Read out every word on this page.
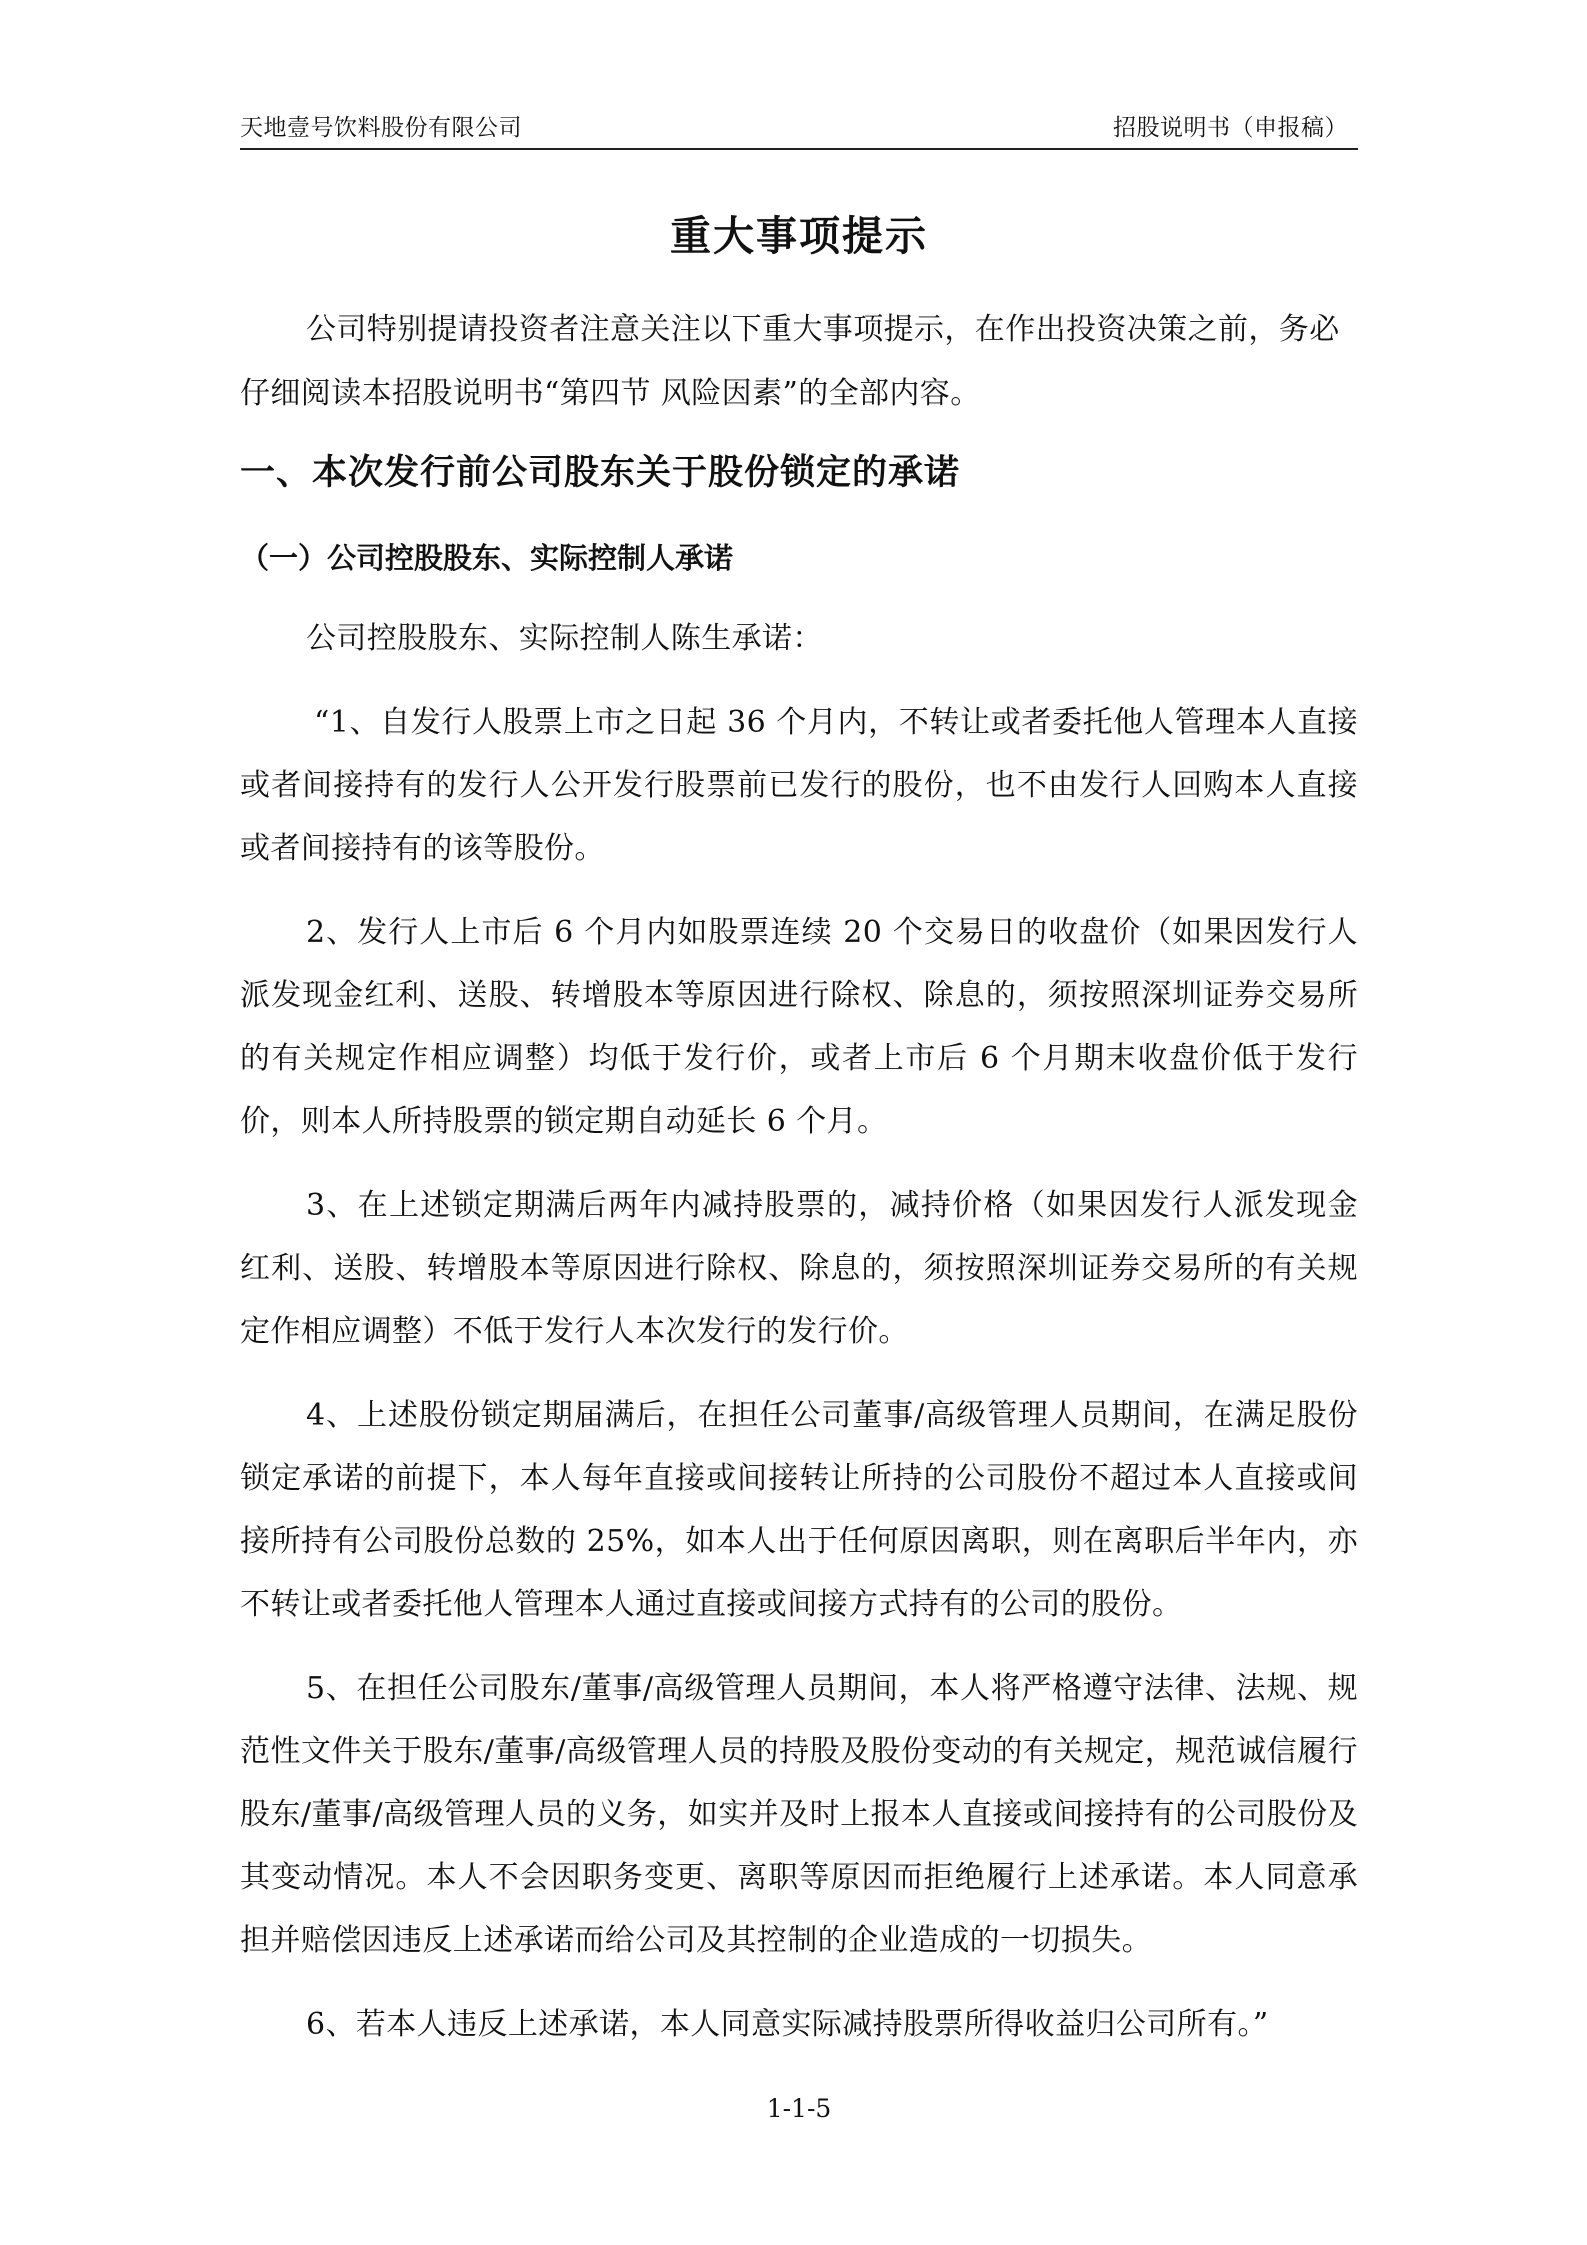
天地壹号饮料股份有限公司	招股说明书（申报稿）
重大事项提示

公司特别提请投资者注意关注以下重大事项提示，在作出投资决策之前，务必仔细阅读本招股说明书“第四节 风险因素”的全部内容。

一、本次发行前公司股东关于股份锁定的承诺
（一）公司控股股东、实际控制人承诺

公司控股股东、实际控制人陈生承诺：

“1、自发行人股票上市之日起 36 个月内，不转让或者委托他人管理本人直接或者间接持有的发行人公开发行股票前已发行的股份，也不由发行人回购本人直接或者间接持有的该等股份。

2、发行人上市后 6 个月内如股票连续 20 个交易日的收盘价（如果因发行人派发现金红利、送股、转增股本等原因进行除权、除息的，须按照深圳证券交易所的有关规定作相应调整）均低于发行价，或者上市后 6 个月期末收盘价低于发行价，则本人所持股票的锁定期自动延长 6 个月。

3、在上述锁定期满后两年内减持股票的，减持价格（如果因发行人派发现金红利、送股、转增股本等原因进行除权、除息的，须按照深圳证券交易所的有关规定作相应调整）不低于发行人本次发行的发行价。

4、上述股份锁定期届满后，在担任公司董事/高级管理人员期间，在满足股份锁定承诺的前提下，本人每年直接或间接转让所持的公司股份不超过本人直接或间接所持有公司股份总数的 25%，如本人出于任何原因离职，则在离职后半年内，亦不转让或者委托他人管理本人通过直接或间接方式持有的公司的股份。

5、在担任公司股东/董事/高级管理人员期间，本人将严格遵守法律、法规、规范性文件关于股东/董事/高级管理人员的持股及股份变动的有关规定，规范诚信履行股东/董事/高级管理人员的义务，如实并及时上报本人直接或间接持有的公司股份及其变动情况。本人不会因职务变更、离职等原因而拒绝履行上述承诺。本人同意承担并赔偿因违反上述承诺而给公司及其控制的企业造成的一切损失。

6、若本人违反上述承诺，本人同意实际减持股票所得收益归公司所有。”

1-1-5
